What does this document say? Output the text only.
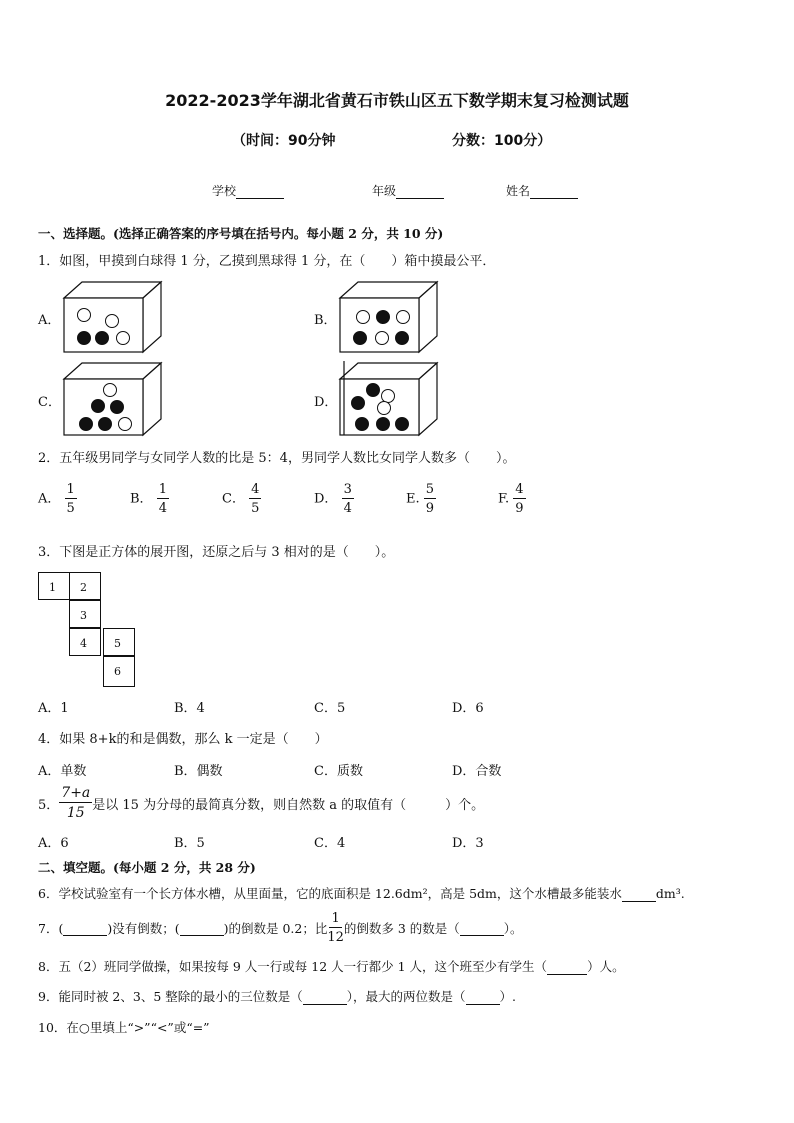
2022-2023学年湖北省黄石市铁山区五下数学期末复习检测试题
（时间：90分钟	分数：100分）
学校	年级	姓名
一、选择题。(选择正确答案的序号填在括号内。每小题 2 分，共 10 分)
1．如图，甲摸到白球得 1 分，乙摸到黑球得 1 分，在（　　）箱中摸最公平．
A．	B．
C．	D．
2．五年级男同学与女同学人数的比是 5：4，男同学人数比女同学人数多（　　）。
A． $\frac{1}{5}$	B． $\frac{1}{4}$	C． $\frac{4}{5}$	D． $\frac{3}{4}$	E. $\frac{5}{9}$	F. $\frac{4}{9}$
3．下图是正方体的展开图，还原之后与 3 相对的是（　　）。
1	2
3
4	5
6
A．1	B．4	C．5	D．6
4．如果 8+k的和是偶数，那么 k 一定是（　　）
A．单数	B．偶数	C．质数	D．合数
5． $\frac{7+a}{15}$ 是以 15 为分母的最简真分数，则自然数 a 的取值有（　　　）个。
A．6	B．5	C．4	D．3
二、填空题。(每小题 2 分，共 28 分)
6．学校试验室有一个长方体水槽，从里面量，它的底面积是 12.6dm²，高是 5dm，这个水槽最多能装水	dm³.
7．(
	)没有倒数；(
	)的倒数是 0.2；比 $\frac{1}{12}$ 的倒数多 3 的数是（
	）。
8．五（2）班同学做操，如果按每 9 人一行或每 12 人一行都少 1 人，这个班至少有学生（	）人。
9．能同时被 2、3、5 整除的最小的三位数是（	），最大的两位数是（	）.
10．在○里填上“>”“<”或“=”
